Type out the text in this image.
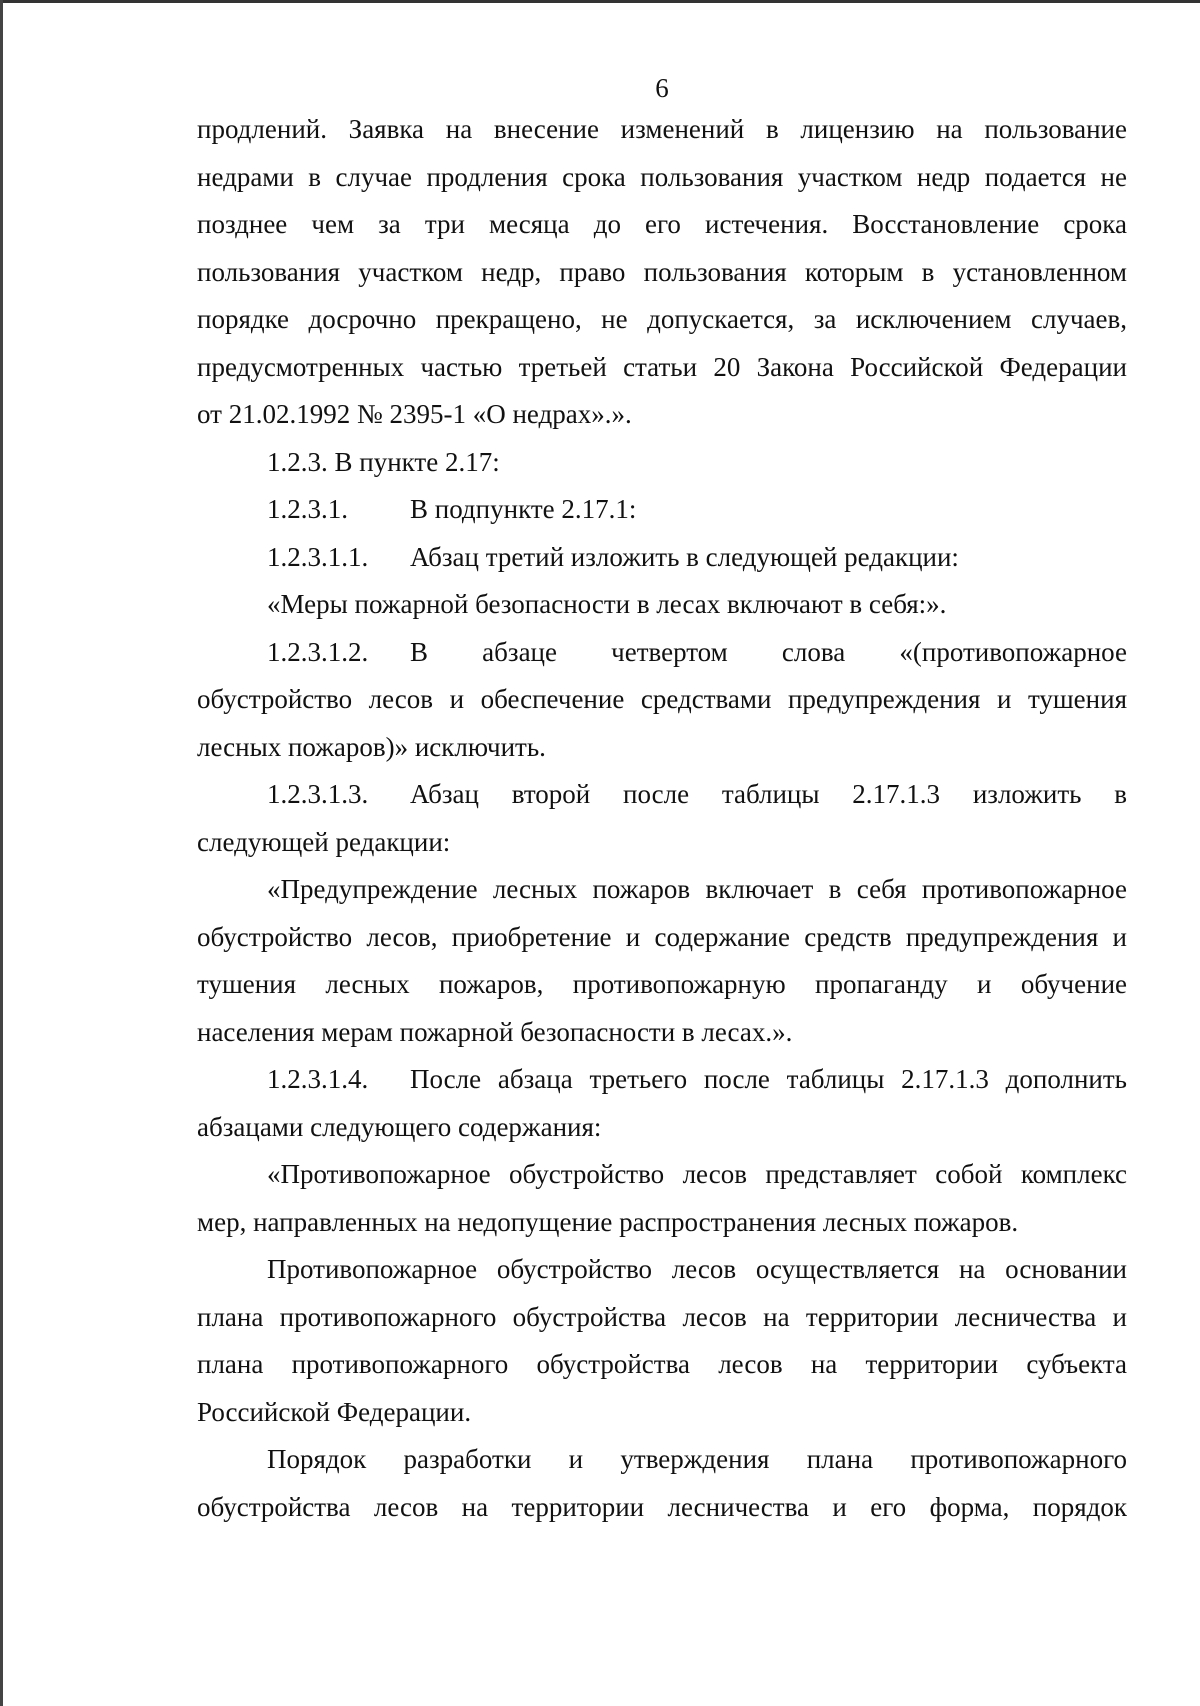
6
продлений. Заявка на внесение изменений в лицензию на пользование
недрами в случае продления срока пользования участком недр подается не
позднее чем за три месяца до его истечения. Восстановление срока
пользования участком недр, право пользования которым в установленном
порядке досрочно прекращено, не допускается, за исключением случаев,
предусмотренных частью третьей статьи 20 Закона Российской Федерации
от 21.02.1992 № 2395-1 «О недрах».».
1.2.3. В пункте 2.17:
1.2.3.1.	В подпункте 2.17.1:
1.2.3.1.1.	Абзац третий изложить в следующей редакции:
«Меры пожарной безопасности в лесах включают в себя:».
1.2.3.1.2.	В абзаце четвертом слова «(противопожарное
обустройство лесов и обеспечение средствами предупреждения и тушения
лесных пожаров)» исключить.
1.2.3.1.3.	Абзац второй после таблицы 2.17.1.3 изложить в
следующей редакции:
«Предупреждение лесных пожаров включает в себя противопожарное
обустройство лесов, приобретение и содержание средств предупреждения и
тушения лесных пожаров, противопожарную пропаганду и обучение
населения мерам пожарной безопасности в лесах.».
1.2.3.1.4.	После абзаца третьего после таблицы 2.17.1.3 дополнить
абзацами следующего содержания:
«Противопожарное обустройство лесов представляет собой комплекс
мер, направленных на недопущение распространения лесных пожаров.
Противопожарное обустройство лесов осуществляется на основании
плана противопожарного обустройства лесов на территории лесничества и
плана противопожарного обустройства лесов на территории субъекта
Российской Федерации.
Порядок разработки и утверждения плана противопожарного
обустройства лесов на территории лесничества и его форма, порядок
